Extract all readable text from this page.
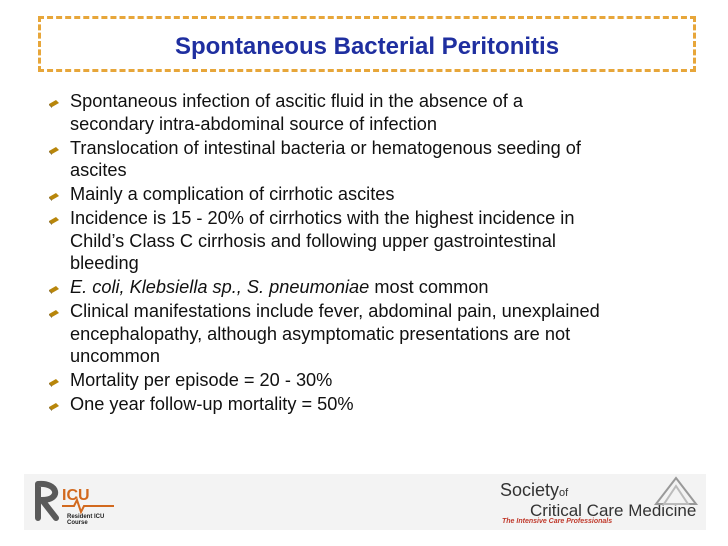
Spontaneous Bacterial Peritonitis
Spontaneous infection of ascitic fluid in the absence of a
secondary intra-abdominal source of infection
Translocation of intestinal bacteria or hematogenous seeding of
ascites
Mainly a complication of cirrhotic ascites
Incidence is 15 - 20% of cirrhotics with the highest incidence in
Child’s Class C cirrhosis and following upper gastrointestinal
bleeding
E. coli, Klebsiella sp., S. pneumoniae most common
Clinical manifestations include fever, abdominal pain, unexplained
encephalopathy, although asymptomatic presentations are not
uncommon
Mortality per episode = 20 - 30%
One year follow-up mortality = 50%
ICU
Resident ICU Course
Societyof
Critical Care Medicine
The Intensive Care Professionals
